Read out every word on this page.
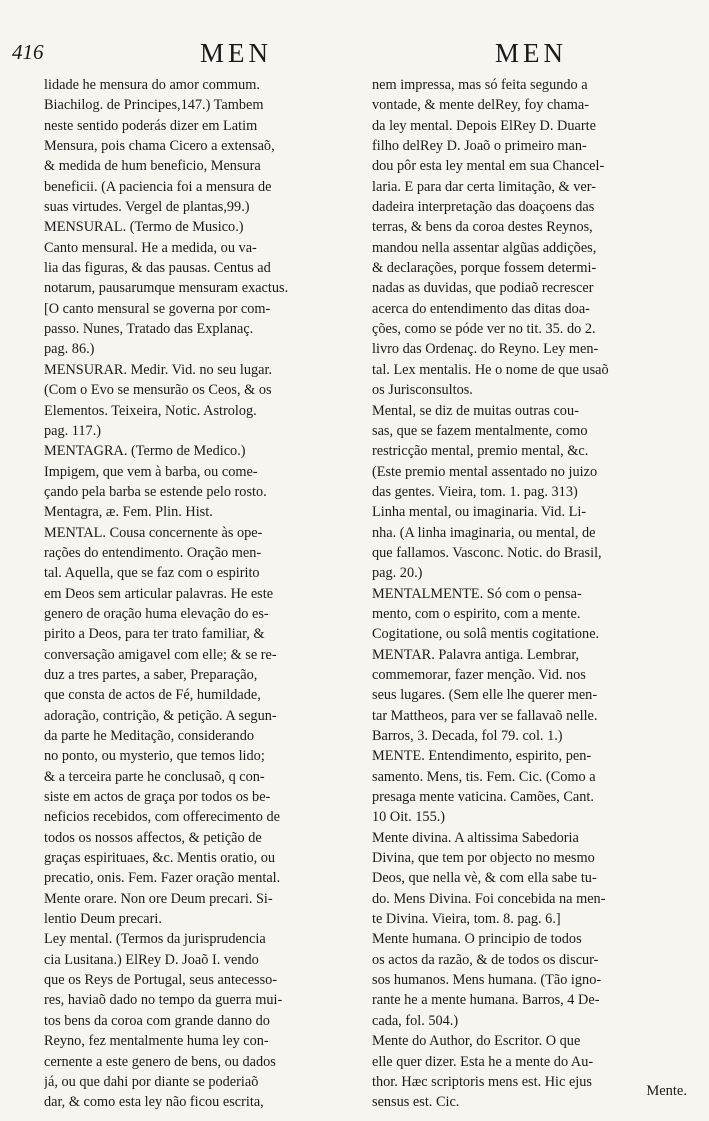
416	MEN	MEN
lidade he mensura do amor commum.
Biachilog. de Principes,147.) Tambem
neste sentido poderás dizer em Latim
Mensura, pois chama Cicero a extensaõ,
& medida de hum beneficio, Mensura
beneficii. (A paciencia foi a mensura de
suas virtudes. Vergel de plantas,99.)
MENSURAL. (Termo de Musico.)
Canto mensural. He a medida, ou va-
lia das figuras, & das pausas. Centus ad
notarum, pausarumque mensuram exactus.
[O canto mensural se governa por com-
passo. Nunes, Tratado das Explanaç.
pag. 86.)
MENSURAR. Medir. Vid. no seu lugar.
(Com o Evo se mensurão os Ceos, & os
Elementos. Teixeira, Notic. Astrolog.
pag. 117.)
MENTAGRA. (Termo de Medico.)
Impigem, que vem à barba, ou come-
çando pela barba se estende pelo rosto.
Mentagra, æ. Fem. Plin. Hist.
MENTAL. Cousa concernente às ope-
rações do entendimento. Oração men-
tal. Aquella, que se faz com o espirito
em Deos sem articular palavras. He este
genero de oração huma elevação do es-
pirito a Deos, para ter trato familiar, &
conversação amigavel com elle; & se re-
duz a tres partes, a saber, Preparação,
que consta de actos de Fé, humildade,
adoração, contrição, & petição. A segun-
da parte he Meditação, considerando
no ponto, ou mysterio, que temos lido;
& a terceira parte he conclusaõ, q con-
siste em actos de graça por todos os be-
neficios recebidos, com offerecimento de
todos os nossos affectos, & petição de
graças espirituaes, &c. Mentis oratio, ou
precatio, onis. Fem. Fazer oração mental.
Mente orare. Non ore Deum precari. Si-
lentio Deum precari.
Ley mental. (Termos da jurisprudencia
cia Lusitana.) ElRey D. Joaõ I. vendo
que os Reys de Portugal, seus antecesso-
res, haviaõ dado no tempo da guerra mui-
tos bens da coroa com grande danno do
Reyno, fez mentalmente huma ley con-
cernente a este genero de bens, ou dados
já, ou que dahi por diante se poderiaõ
dar, & como esta ley não ficou escrita,
nem impressa, mas só feita segundo a
vontade, & mente delRey, foy chama-
da ley mental. Depois ElRey D. Duarte
filho delRey D. Joaõ o primeiro man-
dou pôr esta ley mental em sua Chancel-
laria. E para dar certa limitação, & ver-
dadeira interpretação das doaçoens das
terras, & bens da coroa destes Reynos,
mandou nella assentar algũas addições,
& declarações, porque fossem determi-
nadas as duvidas, que podiaõ recrescer
acerca do entendimento das ditas doa-
ções, como se póde ver no tit. 35. do 2.
livro das Ordenaç. do Reyno. Ley men-
tal. Lex mentalis. He o nome de que usaõ
os Jurisconsultos.
Mental, se diz de muitas outras cou-
sas, que se fazem mentalmente, como
restricção mental, premio mental, &c.
(Este premio mental assentado no juizo
das gentes. Vieira, tom. 1. pag. 313)
Linha mental, ou imaginaria. Vid. Li-
nha. (A linha imaginaria, ou mental, de
que fallamos. Vasconc. Notic. do Brasil,
pag. 20.)
MENTALMENTE. Só com o pensa-
mento, com o espirito, com a mente.
Cogitatione, ou solâ mentis cogitatione.
MENTAR. Palavra antiga. Lembrar,
commemorar, fazer menção. Vid. nos
seus lugares. (Sem elle lhe querer men-
tar Mattheos, para ver se fallavaõ nelle.
Barros, 3. Decada, fol 79. col. 1.)
MENTE. Entendimento, espirito, pen-
samento. Mens, tis. Fem. Cic. (Como a
presaga mente vaticina. Camões, Cant.
10 Oit. 155.)
Mente divina. A altissima Sabedoria
Divina, que tem por objecto no mesmo
Deos, que nella vè, & com ella sabe tu-
do. Mens Divina. Foi concebida na men-
te Divina. Vieira, tom. 8. pag. 6.]
Mente humana. O principio de todos
os actos da razão, & de todos os discur-
sos humanos. Mens humana. (Tão igno-
rante he a mente humana. Barros, 4 De-
cada, fol. 504.)
Mente do Author, do Escritor. O que
elle quer dizer. Esta he a mente do Au-
thor. Hæc scriptoris mens est. Hic ejus
sensus est. Cic.
Mente.
